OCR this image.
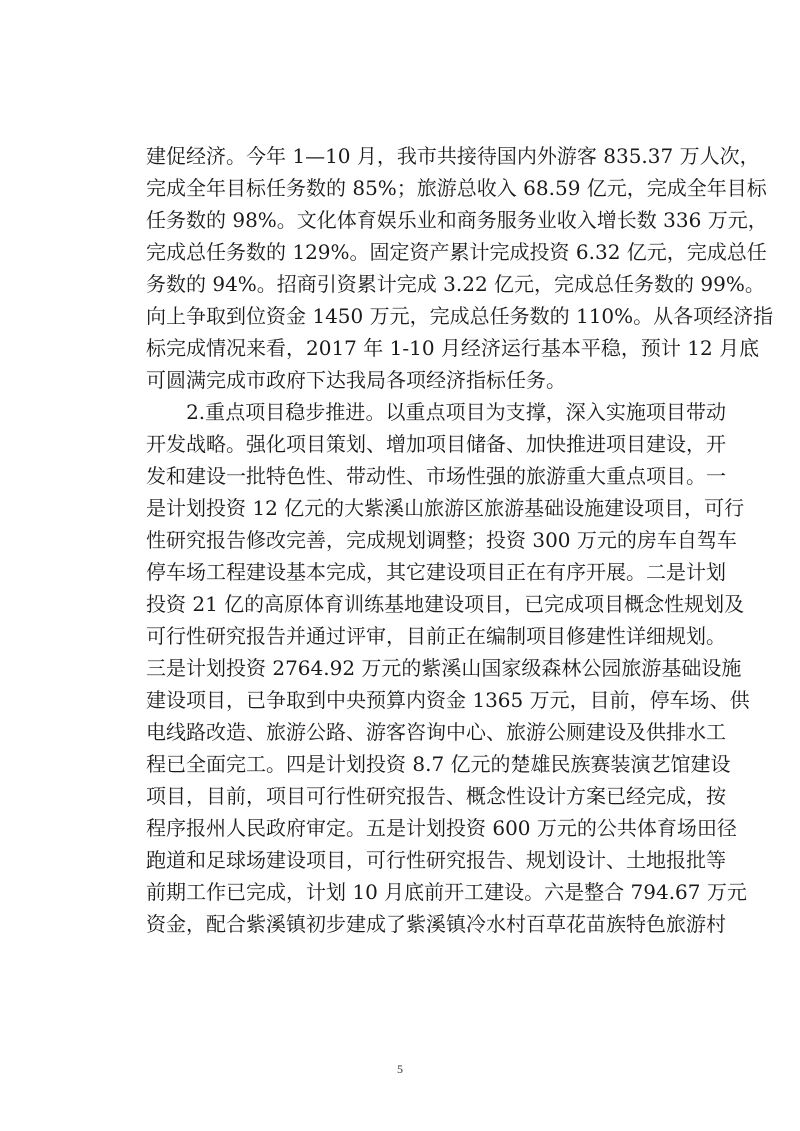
建促经济。今年 1—10 月，我市共接待国内外游客 835.37 万人次，
完成全年目标任务数的 85%；旅游总收入 68.59 亿元，完成全年目标
任务数的 98%。文化体育娱乐业和商务服务业收入增长数 336 万元，
完成总任务数的 129%。固定资产累计完成投资 6.32 亿元，完成总任
务数的 94%。招商引资累计完成 3.22 亿元，完成总任务数的 99%。
向上争取到位资金 1450 万元，完成总任务数的 110%。从各项经济指
标完成情况来看，2017 年 1-10 月经济运行基本平稳，预计 12 月底
可圆满完成市政府下达我局各项经济指标任务。
　　2.重点项目稳步推进。以重点项目为支撑，深入实施项目带动
开发战略。强化项目策划、增加项目储备、加快推进项目建设，开
发和建设一批特色性、带动性、市场性强的旅游重大重点项目。一
是计划投资 12 亿元的大紫溪山旅游区旅游基础设施建设项目，可行
性研究报告修改完善，完成规划调整；投资 300 万元的房车自驾车
停车场工程建设基本完成，其它建设项目正在有序开展。二是计划
投资 21 亿的高原体育训练基地建设项目，已完成项目概念性规划及
可行性研究报告并通过评审，目前正在编制项目修建性详细规划。
三是计划投资 2764.92 万元的紫溪山国家级森林公园旅游基础设施
建设项目，已争取到中央预算内资金 1365 万元，目前，停车场、供
电线路改造、旅游公路、游客咨询中心、旅游公厕建设及供排水工
程已全面完工。四是计划投资 8.7 亿元的楚雄民族赛装演艺馆建设
项目，目前，项目可行性研究报告、概念性设计方案已经完成，按
程序报州人民政府审定。五是计划投资 600 万元的公共体育场田径
跑道和足球场建设项目，可行性研究报告、规划设计、土地报批等
前期工作已完成，计划 10 月底前开工建设。六是整合 794.67 万元
资金，配合紫溪镇初步建成了紫溪镇冷水村百草花苗族特色旅游村
5
